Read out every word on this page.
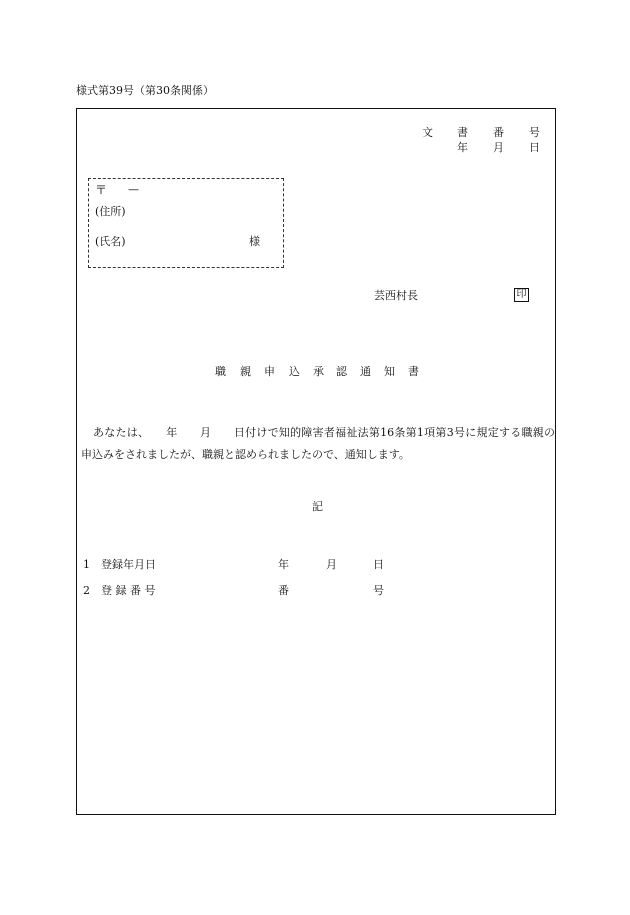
様式第39号（第30条関係）
文 書 番 号
年 月 日
〒 —
(住所)
(氏名)	様
芸西村長	印
職 親 申 込 承 認 通 知 書
あなたは、　　年　　月　　日付けで知的障害者福祉法第16条第1項第3号に規定する職親の申込みをされましたが、職親と認められましたので、通知します。
記
1 登録年月日	年	月	日
2 登 録 番 号	番	号
